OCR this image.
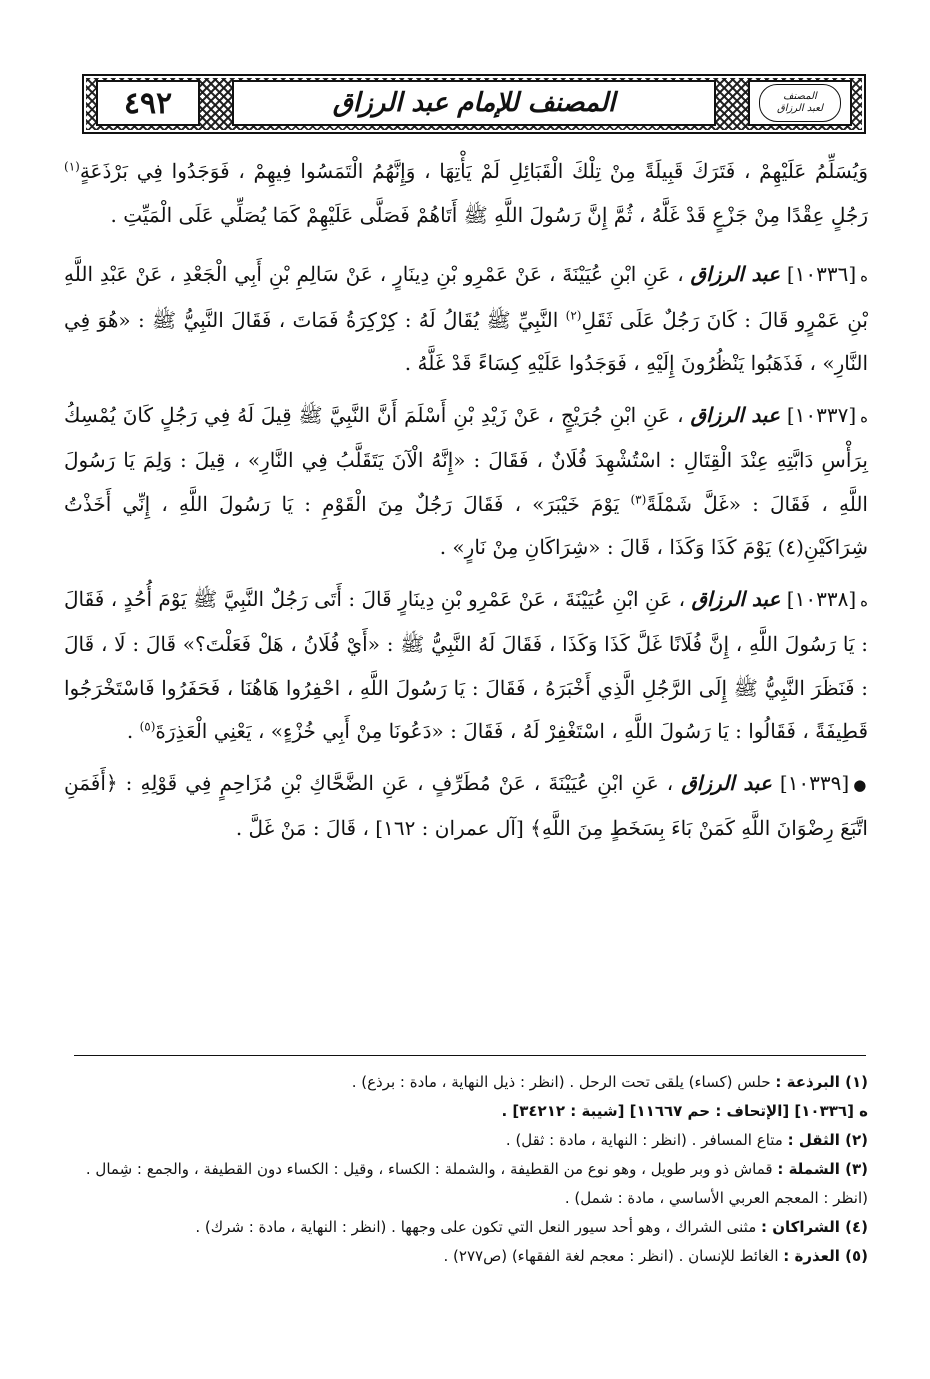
٤٩٢	المصنف للإمام عبد الرزاق	المصنف
لعبد الرزاق

وَيُسَلِّمُ عَلَيْهِمْ ، فَتَرَكَ قَبِيلَةً مِنْ تِلْكَ الْقَبَائِلِ لَمْ يَأْتِهَا ، وَإِنَّهُمُ الْتَمَسُوا فِيهِمْ ، فَوَجَدُوا فِي بَرْذَعَةٍ$^{(١)}$ رَجُلٍ عِقْدًا مِنْ جَزْعٍ قَدْ غَلَّهُ ، ثُمَّ إِنَّ رَسُولَ اللَّهِ ﷺ أَتَاهُمْ فَصَلَّى عَلَيْهِمْ كَمَا يُصَلِّي عَلَى الْمَيِّتِ .

ه[١٠٣٣٦] عبد الرزاق ، عَنِ ابْنِ عُيَيْنَةَ ، عَنْ عَمْرِو بْنِ دِينَارٍ ، عَنْ سَالِمِ بْنِ أَبِي الْجَعْدِ ، عَنْ عَبْدِ اللَّهِ بْنِ عَمْرٍو قَالَ : كَانَ رَجُلٌ عَلَى ثَقَلِ$^{(٢)}$ النَّبِيِّ ﷺ يُقَالُ لَهُ : كِرْكِرَةُ فَمَاتَ ، فَقَالَ النَّبِيُّ ﷺ : «هُوَ فِي النَّارِ» ، فَذَهَبُوا يَنْظُرُونَ إِلَيْهِ ، فَوَجَدُوا عَلَيْهِ كِسَاءً قَدْ غَلَّهُ .

ه[١٠٣٣٧] عبد الرزاق ، عَنِ ابْنِ جُرَيْجٍ ، عَنْ زَيْدِ بْنِ أَسْلَمَ أَنَّ النَّبِيَّ ﷺ قِيلَ لَهُ فِي رَجُلٍ كَانَ يُمْسِكُ بِرَأْسِ دَابَّتِهِ عِنْدَ الْقِتَالِ : اسْتُشْهِدَ فُلَانٌ ، فَقَالَ : «إِنَّهُ الْآنَ يَتَقَلَّبُ فِي النَّارِ» ، قِيلَ : وَلِمَ يَا رَسُولَ اللَّهِ ، فَقَالَ : «غَلَّ شَمْلَةً$^{(٣)}$ يَوْمَ خَيْبَرَ» ، فَقَالَ رَجُلٌ مِنَ الْقَوْمِ : يَا رَسُولَ اللَّهِ ، إِنِّي أَخَذْتُ شِرَاكَيْنِ(٤) يَوْمَ كَذَا وَكَذَا ، قَالَ : «شِرَاكَانِ مِنْ نَارٍ» .

ه[١٠٣٣٨] عبد الرزاق ، عَنِ ابْنِ عُيَيْنَةَ ، عَنْ عَمْرِو بْنِ دِينَارٍ قَالَ : أَتَى رَجُلٌ النَّبِيَّ ﷺ يَوْمَ أُحُدٍ ، فَقَالَ : يَا رَسُولَ اللَّهِ ، إِنَّ فُلَانًا غَلَّ كَذَا وَكَذَا ، فَقَالَ لَهُ النَّبِيُّ ﷺ : «أَيْ فُلَانُ ، هَلْ فَعَلْتَ؟» قَالَ : لَا ، قَالَ : فَنَظَرَ النَّبِيُّ ﷺ إِلَى الرَّجُلِ الَّذِي أَخْبَرَهُ ، فَقَالَ : يَا رَسُولَ اللَّهِ ، احْفِرُوا هَاهُنَا ، فَحَفَرُوا فَاسْتَخْرَجُوا قَطِيفَةً ، فَقَالُوا : يَا رَسُولَ اللَّهِ ، اسْتَغْفِرْ لَهُ ، فَقَالَ : «دَعُونَا مِنْ أَبِي خُزْءٍ» ، يَعْنِي الْعَذِرَةَ$^{(٥)}$ .

●[١٠٣٣٩] عبد الرزاق ، عَنِ ابْنِ عُيَيْنَةَ ، عَنْ مُطَرِّفٍ ، عَنِ الضَّحَّاكِ بْنِ مُزَاحِمٍ فِي قَوْلِهِ : ﴿أَفَمَنِ اتَّبَعَ رِضْوَانَ اللَّهِ كَمَنْ بَاءَ بِسَخَطٍ مِنَ اللَّهِ﴾ [آل عمران : ١٦٢] ، قَالَ : مَنْ غَلَّ .

(١) البرذعة : حلس (كساء) يلقى تحت الرحل . (انظر : ذيل النهاية ، مادة : برذع) .

ه [١٠٣٣٦] [الإتحاف : حم ١١٦٦٧] [شيبة : ٣٤٢١٢] .

(٢) الثقل : متاع المسافر . (انظر : النهاية ، مادة : ثقل) .

(٣) الشملة : قماش ذو وبر طويل ، وهو نوع من القطيفة ، والشملة : الكساء ، وقيل : الكساء دون القطيفة ، والجمع : شِمال . (انظر : المعجم العربي الأساسي ، مادة : شمل) .

(٤) الشراكان : مثنى الشراك ، وهو أحد سيور النعل التي تكون على وجهها . (انظر : النهاية ، مادة : شرك) .

(٥) العذرة : الغائط للإنسان . (انظر : معجم لغة الفقهاء) (ص٢٧٧) .
